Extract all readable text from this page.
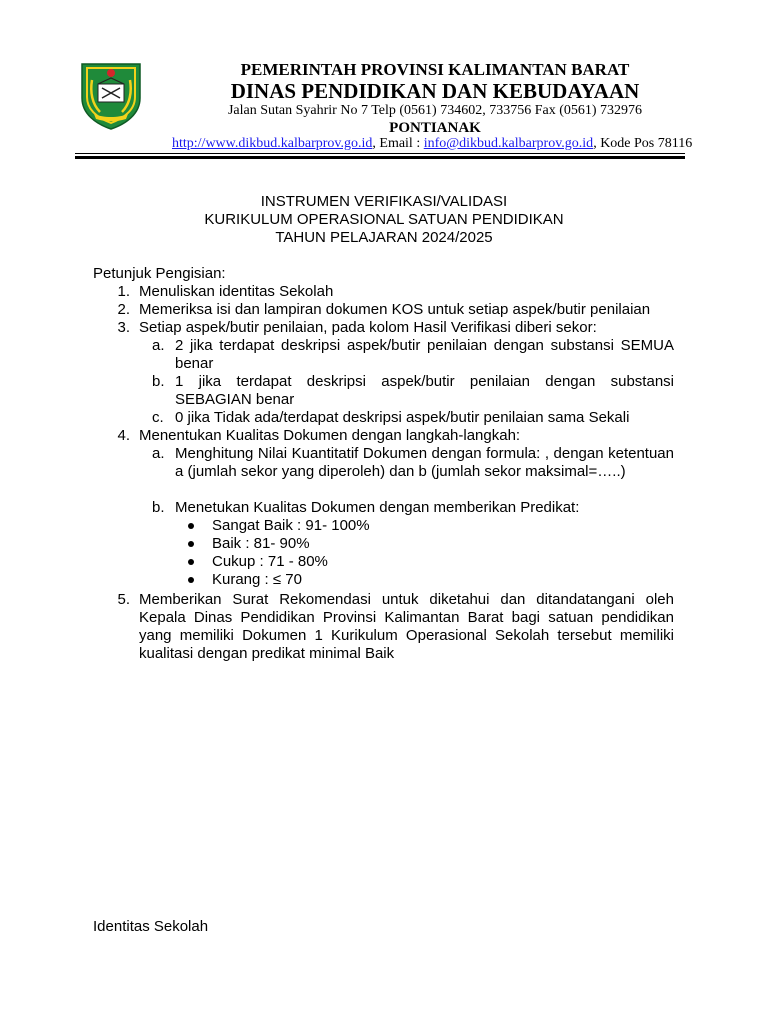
PEMERINTAH PROVINSI KALIMANTAN BARAT
DINAS PENDIDIKAN DAN KEBUDAYAAN
Jalan Sutan Syahrir No 7 Telp (0561) 734602, 733756 Fax (0561) 732976
PONTIANAK
http://www.dikbud.kalbarprov.go.id, Email : info@dikbud.kalbarprov.go.id, Kode Pos 78116
INSTRUMEN VERIFIKASI/VALIDASI
KURIKULUM OPERASIONAL SATUAN PENDIDIKAN
TAHUN PELAJARAN 2024/2025
Petunjuk Pengisian:
1. Menuliskan identitas Sekolah
2. Memeriksa isi dan lampiran dokumen KOS untuk setiap aspek/butir penilaian
3. Setiap aspek/butir penilaian, pada kolom Hasil Verifikasi diberi sekor:
a. 2 jika terdapat deskripsi aspek/butir penilaian dengan substansi SEMUA benar
b. 1 jika terdapat deskripsi aspek/butir penilaian dengan substansi SEBAGIAN benar
c. 0 jika Tidak ada/terdapat deskripsi aspek/butir penilaian sama Sekali
4. Menentukan Kualitas Dokumen dengan langkah-langkah:
a. Menghitung Nilai Kuantitatif Dokumen dengan formula: , dengan ketentuan a (jumlah sekor yang diperoleh) dan b (jumlah sekor maksimal=…..)
b. Menetukan Kualitas Dokumen dengan memberikan Predikat:
Sangat Baik : 91- 100%
Baik : 81- 90%
Cukup : 71 - 80%
Kurang : ≤ 70
5. Memberikan Surat Rekomendasi untuk diketahui dan ditandatangani oleh Kepala Dinas Pendidikan Provinsi Kalimantan Barat bagi satuan pendidikan yang memiliki Dokumen 1 Kurikulum Operasional Sekolah tersebut memiliki kualitasi dengan predikat minimal Baik
Identitas Sekolah
